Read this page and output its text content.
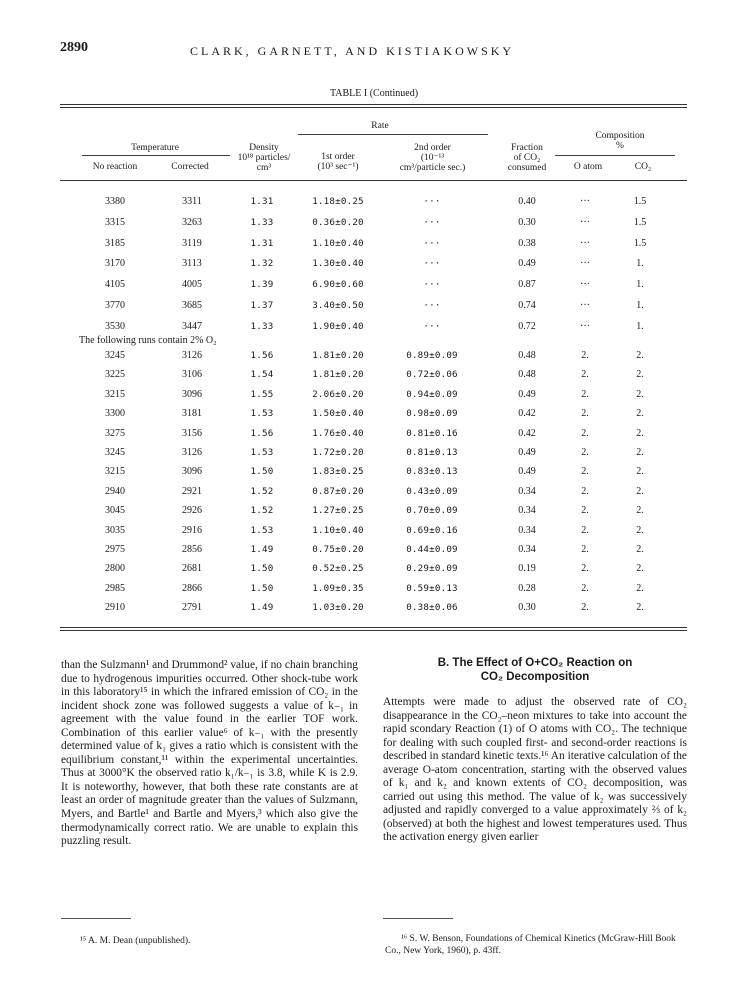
2890	CLARK, GARNETT, AND KISTIAKOWSKY
TABLE I (Continued)
Rate
Temperature
No reaction	Corrected
Density
10¹⁸ particles/
cm³
1st order
(10³ sec⁻¹)
2nd order
(10⁻¹³
cm³/particle sec.)
Fraction
of CO₂
consumed
Composition
%
O atom	CO₂
3380	3311	1.31	1.18±0.25	···	0.40	···	1.5
3315	3263	1.33	0.36±0.20	···	0.30	···	1.5
3185	3119	1.31	1.10±0.40	···	0.38	···	1.5
3170	3113	1.32	1.30±0.40	···	0.49	···	1.
4105	4005	1.39	6.90±0.60	···	0.87	···	1.
3770	3685	1.37	3.40±0.50	···	0.74	···	1.
3530	3447	1.33	1.90±0.40	···	0.72	···	1.
The following runs contain 2% O₂
3245	3126	1.56	1.81±0.20	0.89±0.09	0.48	2.	2.
3225	3106	1.54	1.81±0.20	0.72±0.06	0.48	2.	2.
3215	3096	1.55	2.06±0.20	0.94±0.09	0.49	2.	2.
3300	3181	1.53	1.50±0.40	0.98±0.09	0.42	2.	2.
3275	3156	1.56	1.76±0.40	0.81±0.16	0.42	2.	2.
3245	3126	1.53	1.72±0.20	0.81±0.13	0.49	2.	2.
3215	3096	1.50	1.83±0.25	0.83±0.13	0.49	2.	2.
2940	2921	1.52	0.87±0.20	0.43±0.09	0.34	2.	2.
3045	2926	1.52	1.27±0.25	0.70±0.09	0.34	2.	2.
3035	2916	1.53	1.10±0.40	0.69±0.16	0.34	2.	2.
2975	2856	1.49	0.75±0.20	0.44±0.09	0.34	2.	2.
2800	2681	1.50	0.52±0.25	0.29±0.09	0.19	2.	2.
2985	2866	1.50	1.09±0.35	0.59±0.13	0.28	2.	2.
2910	2791	1.49	1.03±0.20	0.38±0.06	0.30	2.	2.
than the Sulzmann¹ and Drummond² value, if no chain branching due to hydrogenous impurities occurred. Other shock-tube work in this laboratory¹⁵ in which the infrared emission of CO₂ in the incident shock zone was followed suggests a value of k₋₁ in agreement with the value found in the earlier TOF work. Combination of this earlier value⁶ of k₋₁ with the presently determined value of k₁ gives a ratio which is consistent with the equilibrium constant,¹¹ within the experimental uncertainties. Thus at 3000°K the observed ratio k₁/k₋₁ is 3.8, while K is 2.9. It is noteworthy, however, that both these rate constants are at least an order of magnitude greater than the values of Sulzmann, Myers, and Bartle¹ and Bartle and Myers,³ which also give the thermodynamically correct ratio. We are unable to explain this puzzling result.
B. The Effect of O+CO₂ Reaction on
CO₂ Decomposition
Attempts were made to adjust the observed rate of CO₂ disappearance in the CO₂–neon mixtures to take into account the rapid scondary Reaction (1) of O atoms with CO₂. The technique for dealing with such coupled first- and second-order reactions is described in standard kinetic texts.¹⁶ An iterative calculation of the average O-atom concentration, starting with the observed values of k₁ and k₂ and known extents of CO₂ decomposition, was carried out using this method. The value of k₂ was successively adjusted and rapidly converged to a value approximately ⅔ of k₂ (observed) at both the highest and lowest temperatures used. Thus the activation energy given earlier
¹⁵ A. M. Dean (unpublished).	¹⁶ S. W. Benson, Foundations of Chemical Kinetics (McGraw-Hill Book Co., New York, 1960), p. 43ff.
